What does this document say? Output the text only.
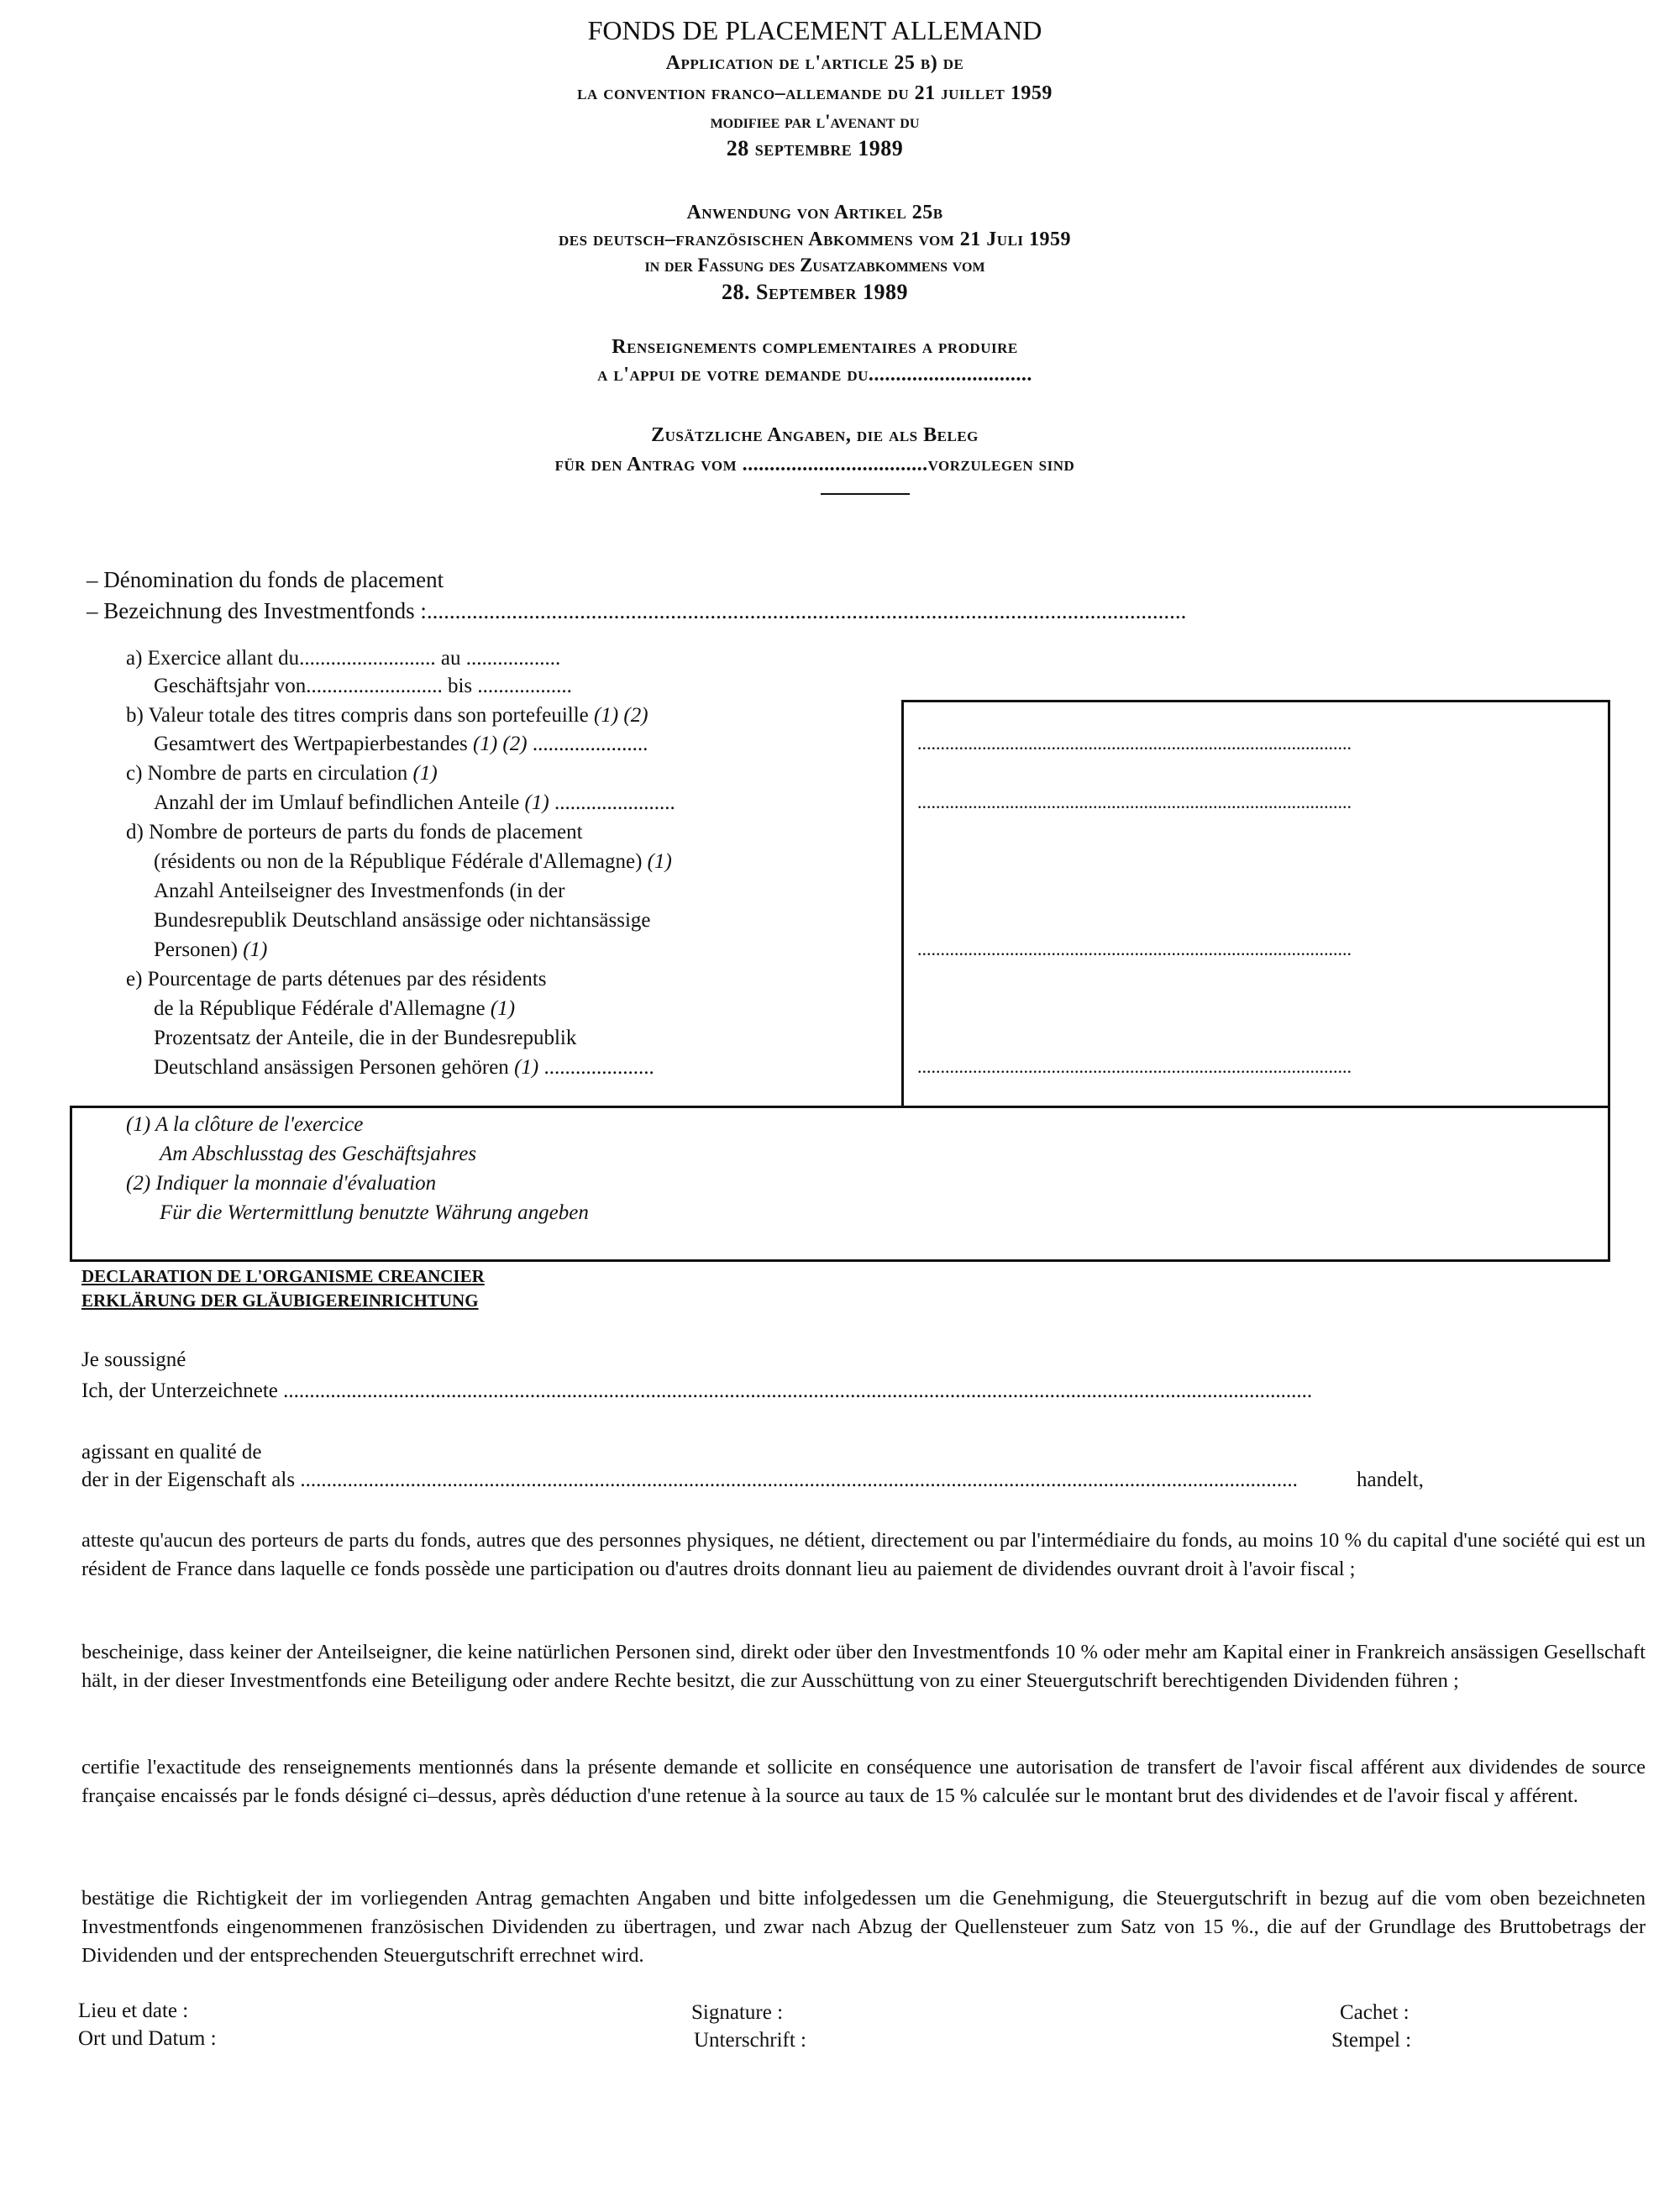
FONDS DE PLACEMENT ALLEMAND
Application de l'article 25 b) de
la convention franco–allemande du 21 juillet 1959
modifiee par l'avenant du
28 septembre 1989
Anwendung von Artikel 25b
des deutsch–französischen Abkommens vom 21 Juli 1959
in der Fassung des Zusatzabkommens vom
28. September 1989
Renseignements complementaires a produire
a l'appui de votre demande du..............................
Zusätzliche Angaben, die als Beleg
für den Antrag vom ..................................vorzulegen sind
– Dénomination du fonds de placement
– Bezeichnung des Investmentfonds :......................................................................................................................................
a) Exercice allant du.......................... au ..................
Geschäftsjahr von.......................... bis ..................
b) Valeur totale des titres compris dans son portefeuille (1) (2)
Gesamtwert des Wertpapierbestandes (1) (2) ......................
c) Nombre de parts en circulation (1)
Anzahl der im Umlauf befindlichen Anteile (1) .......................
d) Nombre de porteurs de parts du fonds de placement
(résidents ou non de la République Fédérale d'Allemagne) (1)
Anzahl Anteilseigner des Investmenfonds (in der
Bundesrepublik Deutschland ansässige oder nichtansässige
Personen) (1)
e) Pourcentage de parts détenues par des résidents
de la République Fédérale d'Allemagne (1)
Prozentsatz der Anteile, die in der Bundesrepublik
Deutschland ansässigen Personen gehören (1) .....................
..............................................................................................
..............................................................................................
..............................................................................................
..............................................................................................
(1) A la clôture de l'exercice
Am Abschlusstag des Geschäftsjahres
(2) Indiquer la monnaie d'évaluation
Für die Wertermittlung benutzte Währung angeben
DECLARATION DE L'ORGANISME CREANCIER
ERKLÄRUNG DER GLÄUBIGEREINRICHTUNG
Je soussigné
Ich, der Unterzeichnete ....................................................................................................................................................................................................
agissant en qualité de
der in der Eigenschaft als ..............................................................................................................................................................................................	handelt,
atteste qu'aucun des porteurs de parts du fonds, autres que des personnes physiques, ne détient, directement ou par l'intermédiaire du fonds, au moins 10 % du capital d'une société qui est un résident de France dans laquelle ce fonds possède une participation ou d'autres droits donnant lieu au paiement de dividendes ouvrant droit à l'avoir fiscal ;
bescheinige, dass keiner der Anteilseigner, die keine natürlichen Personen sind, direkt oder über den Investmentfonds 10 % oder mehr am Kapital einer in Frankreich ansässigen Gesellschaft hält, in der dieser Investmentfonds eine Beteiligung oder andere Rechte besitzt, die zur Ausschüttung von zu einer Steuergutschrift berechtigenden Dividenden führen ;
certifie l'exactitude des renseignements mentionnés dans la présente demande et sollicite en conséquence une autorisation de transfert de l'avoir fiscal afférent aux dividendes de source française encaissés par le fonds désigné ci–dessus, après déduction d'une retenue à la source au taux de 15 % calculée sur le montant brut des dividendes et de l'avoir fiscal y afférent.
bestätige die Richtigkeit der im vorliegenden Antrag gemachten Angaben und bitte infolgedessen um die Genehmigung, die Steuergutschrift in bezug auf die vom oben bezeichneten Investmentfonds eingenommenen französischen Dividenden zu übertragen, und zwar nach Abzug der Quellensteuer zum Satz von 15 %., die auf der Grundlage des Bruttobetrags der Dividenden und der entsprechenden Steuergutschrift errechnet wird.
Lieu et date :
Ort und Datum :
Signature :
Unterschrift :
Cachet :
Stempel :
